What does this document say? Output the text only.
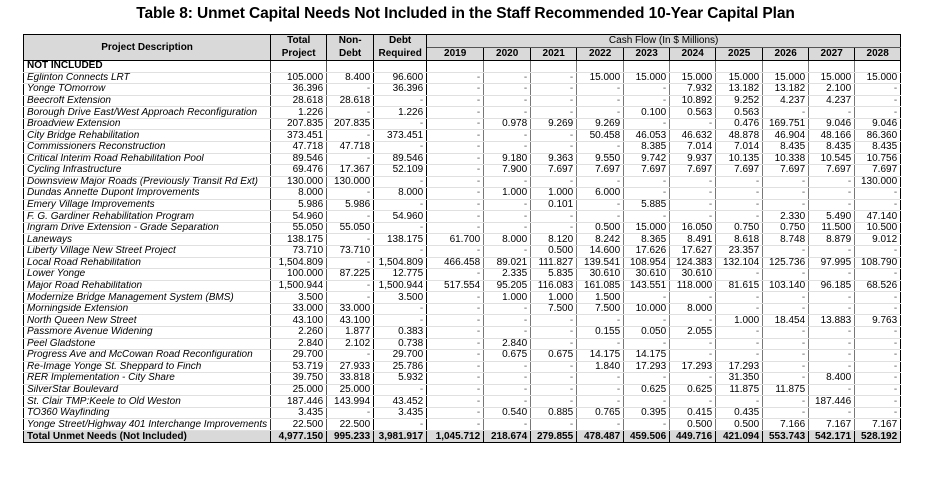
Table 8: Unmet Capital Needs Not Included in the Staff Recommended 10-Year Capital Plan
Project Description	Total	Non-	Debt	Cash Flow (In $ Millions)									
	Project	Debt	Required	2019	2020	2021	2022	2023	2024	2025	2026	2027	2028
NOT INCLUDED													
Eglinton Connects LRT	105.000	8.400	96.600	-	-	-	15.000	15.000	15.000	15.000	15.000	15.000	15.000
Yonge TOmorrow	36.396	-	36.396	-	-	-	-	-	7.932	13.182	13.182	2.100	-
Beecroft Extension	28.618	28.618	-	-	-	-	-	-	10.892	9.252	4.237	4.237	-
Borough Drive East/West Approach Reconfiguration	1.226	-	1.226	-	-	-	-	0.100	0.563	0.563	-	-	-
Broadview Extension	207.835	207.835	-	-	0.978	9.269	9.269	-	-	0.476	169.751	9.046	9.046
City Bridge Rehabilitation	373.451	-	373.451	-	-	-	50.458	46.053	46.632	48.878	46.904	48.166	86.360
Commissioners Reconstruction	47.718	47.718	-	-	-	-	-	8.385	7.014	7.014	8.435	8.435	8.435
Critical Interim Road Rehabilitation Pool	89.546	-	89.546	-	9.180	9.363	9.550	9.742	9.937	10.135	10.338	10.545	10.756
Cycling Infrastructure	69.476	17.367	52.109	-	7.900	7.697	7.697	7.697	7.697	7.697	7.697	7.697	7.697
Downsview Major Roads (Previously Transit Rd Ext)	130.000	130.000	-	-	-	-	-	-	-	-	-	-	130.000
Dundas Annette Dupont Improvements	8.000	-	8.000	-	1.000	1.000	6.000	-	-	-	-	-	-
Emery Village Improvements	5.986	5.986	-	-	-	0.101	-	5.885	-	-	-	-	-
F. G. Gardiner Rehabilitation Program	54.960	-	54.960	-	-	-	-	-	-	-	2.330	5.490	47.140
Ingram Drive Extension - Grade Separation	55.050	55.050	-	-	-	-	0.500	15.000	16.050	0.750	0.750	11.500	10.500
Laneways	138.175	-	138.175	61.700	8.000	8.120	8.242	8.365	8.491	8.618	8.748	8.879	9.012
Liberty Village New Street Project	73.710	73.710	-	-	-	0.500	14.600	17.626	17.627	23.357	-	-	-
Local Road Rehabilitation	1,504.809	-	1,504.809	466.458	89.021	111.827	139.541	108.954	124.383	132.104	125.736	97.995	108.790
Lower Yonge	100.000	87.225	12.775	-	2.335	5.835	30.610	30.610	30.610	-	-	-	-
Major Road Rehabilitation	1,500.944	-	1,500.944	517.554	95.205	116.083	161.085	143.551	118.000	81.615	103.140	96.185	68.526
Modernize Bridge Management System (BMS)	3.500	-	3.500	-	1.000	1.000	1.500	-	-	-	-	-	-
Morningside Extension	33.000	33.000	-	-	-	7.500	7.500	10.000	8.000	-	-	-	-
North Queen New Street	43.100	43.100	-	-	-	-	-	-	-	1.000	18.454	13.883	9.763
Passmore Avenue Widening	2.260	1.877	0.383	-	-	-	0.155	0.050	2.055	-	-	-	-
Peel Gladstone	2.840	2.102	0.738	-	2.840	-	-	-	-	-	-	-	-
Progress Ave and McCowan Road Reconfiguration	29.700	-	29.700	-	0.675	0.675	14.175	14.175	-	-	-	-	-
Re-Image Yonge St. Sheppard to Finch	53.719	27.933	25.786	-	-	-	1.840	17.293	17.293	17.293	-	-	-
RER Implementation - City Share	39.750	33.818	5.932	-	-	-	-	-	-	31.350	-	8.400	-
SilverStar Boulevard	25.000	25.000	-	-	-	-	-	0.625	0.625	11.875	11.875	-	-
St. Clair TMP:Keele to Old Weston	187.446	143.994	43.452	-	-	-	-	-	-	-	-	187.446	-
TO360 Wayfinding	3.435	-	3.435	-	0.540	0.885	0.765	0.395	0.415	0.435	-	-	-
Yonge Street/Highway 401 Interchange Improvements	22.500	22.500	-	-	-	-	-	-	0.500	0.500	7.166	7.167	7.167
Total Unmet Needs (Not Included)	4,977.150	995.233	3,981.917	1,045.712	218.674	279.855	478.487	459.506	449.716	421.094	553.743	542.171	528.192
